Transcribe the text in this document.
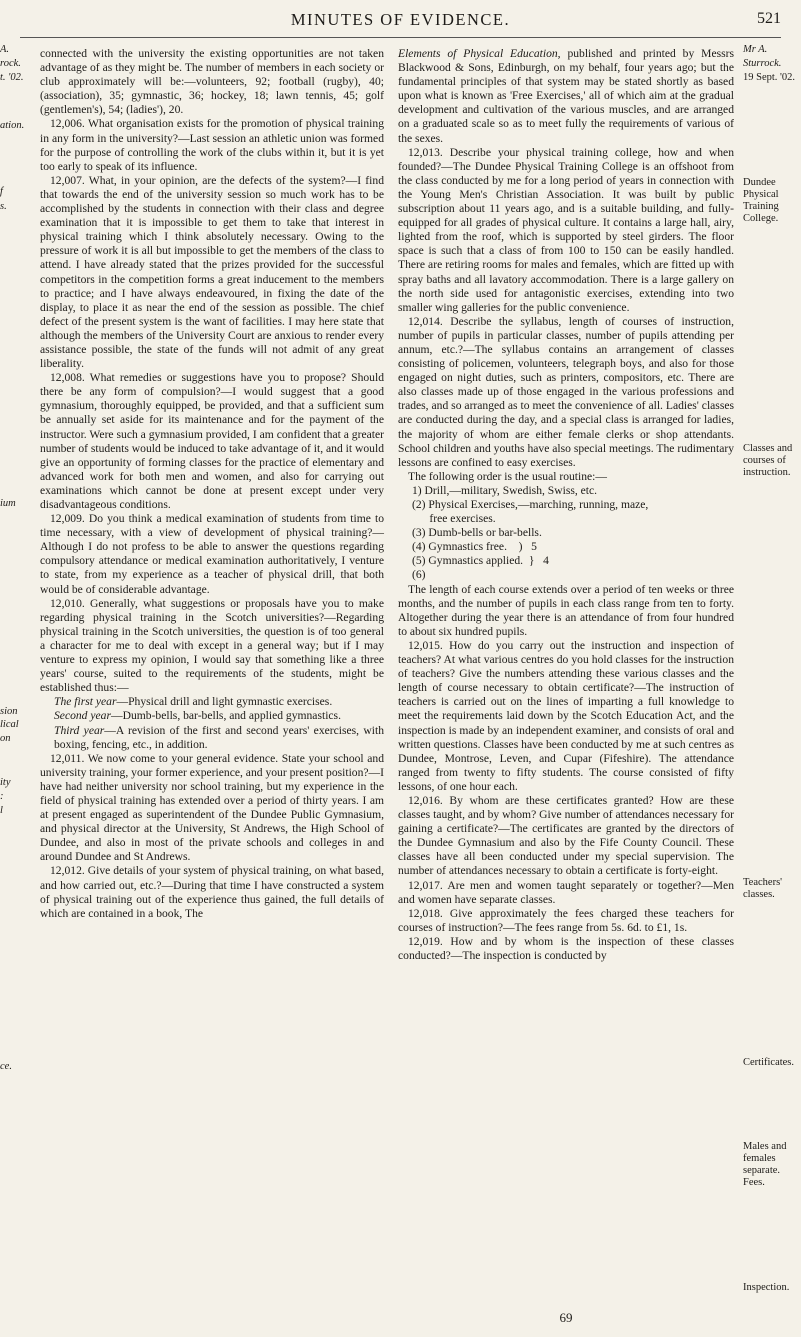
MINUTES OF EVIDENCE.	521
A.
rock.
t. '02.
ation.
f
s.
ium
sion
lical
on
ity
:
l
ce.

connected with the university the existing opportunities are not taken advantage of as they might be. The number of members in each society or club approximately will be:—volunteers, 92; football (rugby), 40; (association), 35; gymnastic, 36; hockey, 18; lawn tennis, 45; golf (gentlemen's), 54; (ladies'), 20.

12,006. What organisation exists for the promotion of physical training in any form in the university?—Last session an athletic union was formed for the purpose of controlling the work of the clubs within it, but it is yet too early to speak of its influence.

12,007. What, in your opinion, are the defects of the system?—I find that towards the end of the university session so much work has to be accomplished by the students in connection with their class and degree examination that it is impossible to get them to take that interest in physical training which I think absolutely necessary. Owing to the pressure of work it is all but impossible to get the members of the class to attend. I have already stated that the prizes provided for the successful competitors in the competition forms a great inducement to the members to practice; and I have always endeavoured, in fixing the date of the display, to place it as near the end of the session as possible. The chief defect of the present system is the want of facilities. I may here state that although the members of the University Court are anxious to render every assistance possible, the state of the funds will not admit of any great liberality.

12,008. What remedies or suggestions have you to propose? Should there be any form of compulsion?—I would suggest that a good gymnasium, thoroughly equipped, be provided, and that a sufficient sum be annually set aside for its maintenance and for the payment of the instructor. Were such a gymnasium provided, I am confident that a greater number of students would be induced to take advantage of it, and it would give an opportunity of forming classes for the practice of elementary and advanced work for both men and women, and also for carrying out examinations which cannot be done at present except under very disadvantageous conditions.

12,009. Do you think a medical examination of students from time to time necessary, with a view of development of physical training?—Although I do not profess to be able to answer the questions regarding compulsory attendance or medical examination authoritatively, I venture to state, from my experience as a teacher of physical drill, that both would be of considerable advantage.

12,010. Generally, what suggestions or proposals have you to make regarding physical training in the Scotch universities?—Regarding physical training in the Scotch universities, the question is of too general a character for me to deal with except in a general way; but if I may venture to express my opinion, I would say that something like a three years' course, suited to the requirements of the students, might be established thus:—

The first year—Physical drill and light gymnastic exercises.

Second year—Dumb-bells, bar-bells, and applied gymnastics.

Third year—A revision of the first and second years' exercises, with boxing, fencing, etc., in addition.

12,011. We now come to your general evidence. State your school and university training, your former experience, and your present position?—I have had neither university nor school training, but my experience in the field of physical training has extended over a period of thirty years. I am at present engaged as superintendent of the Dundee Public Gymnasium, and physical director at the University, St Andrews, the High School of Dundee, and also in most of the private schools and colleges in and around Dundee and St Andrews.

12,012. Give details of your system of physical training, on what based, and how carried out, etc.?—During that time I have constructed a system of physical training out of the experience thus gained, the full details of which are contained in a book, The

Elements of Physical Education, published and printed by Messrs Blackwood & Sons, Edinburgh, on my behalf, four years ago; but the fundamental principles of that system may be stated shortly as based upon what is known as 'Free Exercises,' all of which aim at the gradual development and cultivation of the various muscles, and are arranged on a graduated scale so as to meet fully the requirements of various of the sexes.

12,013. Describe your physical training college, how and when founded?—The Dundee Physical Training College is an offshoot from the class conducted by me for a long period of years in connection with the Young Men's Christian Association. It was built by public subscription about 11 years ago, and is a suitable building, and fully-equipped for all grades of physical culture. It contains a large hall, airy, lighted from the roof, which is supported by steel girders. The floor space is such that a class of from 100 to 150 can be easily handled. There are retiring rooms for males and females, which are fitted up with spray baths and all lavatory accommodation. There is a large gallery on the north side used for antagonistic exercises, extending into two smaller wing galleries for the public convenience.

12,014. Describe the syllabus, length of courses of instruction, number of pupils in particular classes, number of pupils attending per annum, etc.?—The syllabus contains an arrangement of classes consisting of policemen, volunteers, telegraph boys, and also for those engaged on night duties, such as printers, compositors, etc. There are also classes made up of those engaged in the various professions and trades, and so arranged as to meet the convenience of all. Ladies' classes are conducted during the day, and a special class is arranged for ladies, the majority of whom are either female clerks or shop attendants. School children and youths have also special meetings. The rudimentary lessons are confined to easy exercises.

The following order is the usual routine:—

1) Drill,—military, Swedish, Swiss, etc.
(2) Physical Exercises,—marching, running, maze,
free exercises.
(3) Dumb-bells or bar-bells.
(4) Gymnastics free.    )   5
(5) Gymnastics applied.  }   4
(6)

The length of each course extends over a period of ten weeks or three months, and the number of pupils in each class range from ten to forty. Altogether during the year there is an attendance of from four hundred to about six hundred pupils.

12,015. How do you carry out the instruction and inspection of teachers? At what various centres do you hold classes for the instruction of teachers? Give the numbers attending these various classes and the length of course necessary to obtain certificate?—The instruction of teachers is carried out on the lines of imparting a full knowledge to meet the requirements laid down by the Scotch Education Act, and the inspection is made by an independent examiner, and consists of oral and written questions. Classes have been conducted by me at such centres as Dundee, Montrose, Leven, and Cupar (Fifeshire). The attendance ranged from twenty to fifty students. The course consisted of fifty lessons, of one hour each.

12,016. By whom are these certificates granted? How are these classes taught, and by whom? Give number of attendances necessary for gaining a certificate?—The certificates are granted by the directors of the Dundee Gymnasium and also by the Fife County Council. These classes have all been conducted under my special supervision. The number of attendances necessary to obtain a certificate is forty-eight.

12,017. Are men and women taught separately or together?—Men and women have separate classes.

12,018. Give approximately the fees charged these teachers for courses of instruction?—The fees range from 5s. 6d. to £1, 1s.

12,019. How and by whom is the inspection of these classes conducted?—The inspection is conducted by

69
Mr A.
Sturrock.
19 Sept. '02.
Dundee
Physical
Training
College.
Classes and
courses of
instruction.
Teachers'
classes.
Certificates.
Males and
females
separate.
Fees.
Inspection.
